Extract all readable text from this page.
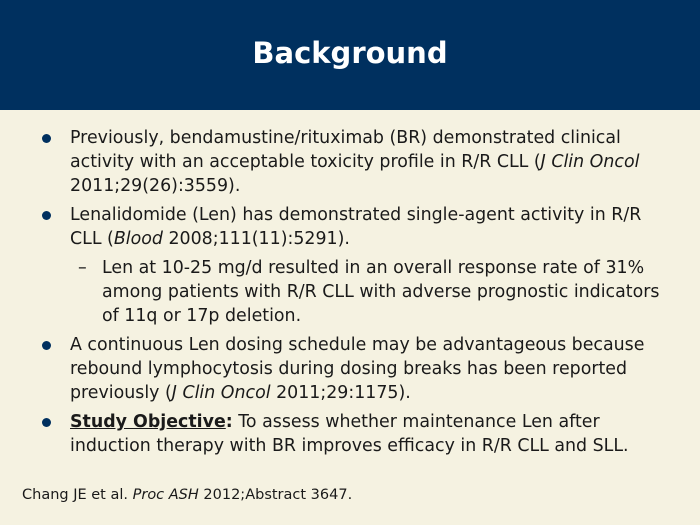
Background
Previously, bendamustine/rituximab (BR) demonstrated clinical activity with an acceptable toxicity profile in R/R CLL (J Clin Oncol 2011;29(26):3559).
Lenalidomide (Len) has demonstrated single-agent activity in R/R CLL (Blood 2008;111(11):5291).
– Len at 10-25 mg/d resulted in an overall response rate of 31% among patients with R/R CLL with adverse prognostic indicators of 11q or 17p deletion.
A continuous Len dosing schedule may be advantageous because rebound lymphocytosis during dosing breaks has been reported previously (J Clin Oncol 2011;29:1175).
Study Objective: To assess whether maintenance Len after induction therapy with BR improves efficacy in R/R CLL and SLL.
Chang JE et al. Proc ASH 2012;Abstract 3647.
